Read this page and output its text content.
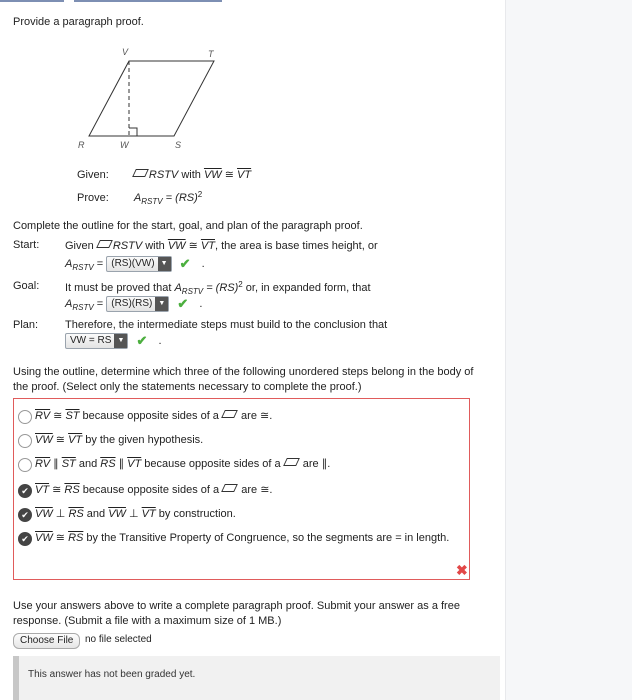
Provide a paragraph proof.
V	T
R	W	S
Given:	RSTV with $\overline{VW}$ ≅ $\overline{VT}$
Prove: $A_{RSTV} = (RS)^2$
Complete the outline for the start, goal, and plan of the paragraph proof.
Start: Given RSTV with $\overline{VW}$ ≅ $\overline{VT}$, the area is base times height, or
$A_{RSTV} = (RS)(VW)$ ▼ ✔ .
Goal: It must be proved that $A_{RSTV} = (RS)^2$ or, in expanded form, that
$A_{RSTV} = (RS)(RS)$ ▼ ✔ .
Plan: Therefore, the intermediate steps must build to the conclusion that
VW = RS ▼ ✔ .
Using the outline, determine which three of the following unordered steps belong in the body of the proof. (Select only the statements necessary to complete the proof.)
$\overline{RV}$ ≅ $\overline{ST}$ because opposite sides of a  are ≅.
$\overline{VW}$ ≅ $\overline{VT}$ by the given hypothesis.
$\overline{RV}$ ∥ $\overline{ST}$ and $\overline{RS}$ ∥ $\overline{VT}$ because opposite sides of a  are ∥.
✔ $\overline{VT}$ ≅ $\overline{RS}$ because opposite sides of a  are ≅.
✔ $\overline{VW}$ ⊥ $\overline{RS}$ and $\overline{VW}$ ⊥ $\overline{VT}$ by construction.
✔ $\overline{VW}$ ≅ $\overline{RS}$ by the Transitive Property of Congruence, so the segments are = in length.
✖
Use your answers above to write a complete paragraph proof. Submit your answer as a free response. (Submit a file with a maximum size of 1 MB.)
Choose File	no file selected
This answer has not been graded yet.
